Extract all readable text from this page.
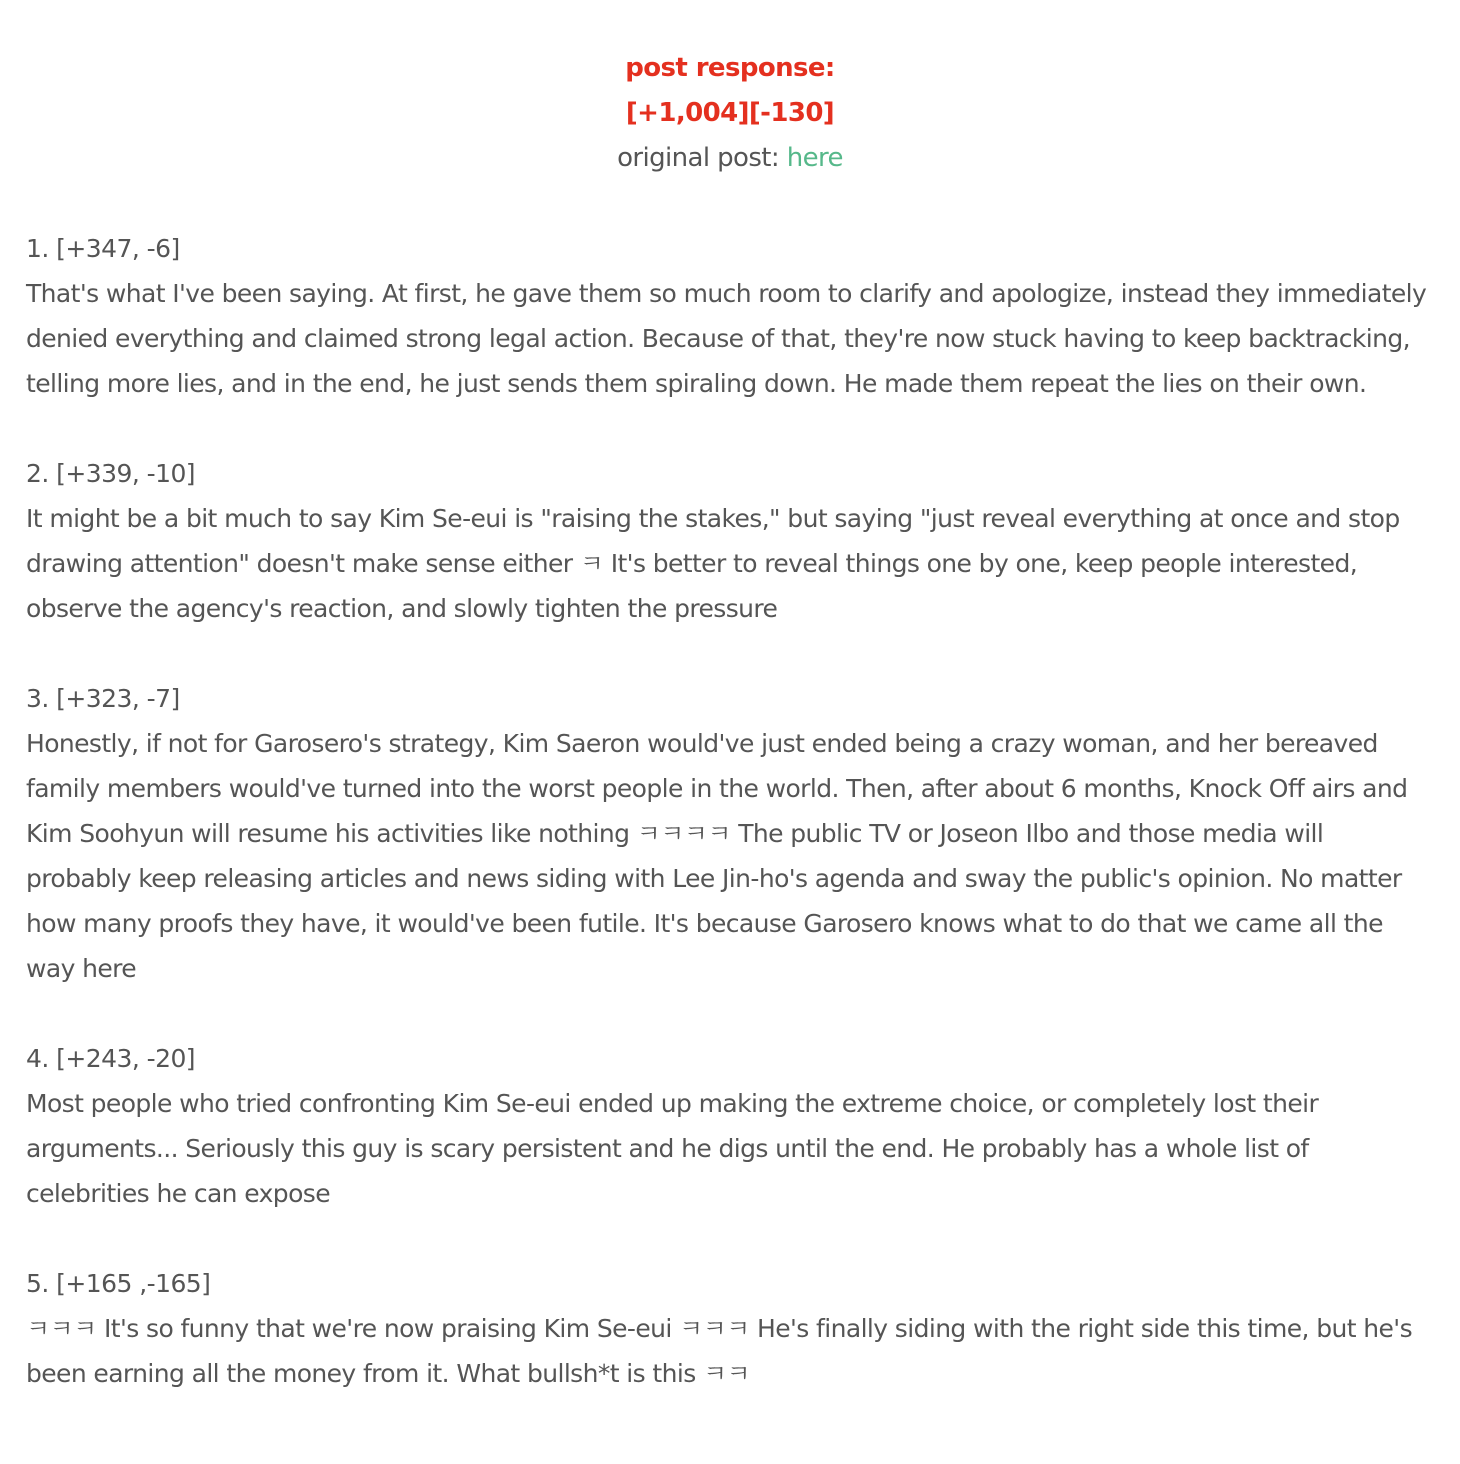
post response:
[+1,004][-130]
original post: here
1. [+347, -6]
That's what I've been saying. At first, he gave them so much room to clarify and apologize, instead they immediately denied everything and claimed strong legal action. Because of that, they're now stuck having to keep backtracking, telling more lies, and in the end, he just sends them spiraling down. He made them repeat the lies on their own.
2. [+339, -10]
It might be a bit much to say Kim Se-eui is "raising the stakes," but saying "just reveal everything at once and stop drawing attention" doesn't make sense either ㅋ It's better to reveal things one by one, keep people interested, observe the agency's reaction, and slowly tighten the pressure
3. [+323, -7]
Honestly, if not for Garosero's strategy, Kim Saeron would've just ended being a crazy woman, and her bereaved family members would've turned into the worst people in the world. Then, after about 6 months, Knock Off airs and Kim Soohyun will resume his activities like nothing ㅋㅋㅋㅋ The public TV or Joseon Ilbo and those media will probably keep releasing articles and news siding with Lee Jin-ho's agenda and sway the public's opinion. No matter how many proofs they have, it would've been futile. It's because Garosero knows what to do that we came all the way here
4. [+243, -20]
Most people who tried confronting Kim Se-eui ended up making the extreme choice, or completely lost their arguments... Seriously this guy is scary persistent and he digs until the end. He probably has a whole list of celebrities he can expose
5. [+165 ,-165]
ㅋㅋㅋ It's so funny that we're now praising Kim Se-eui ㅋㅋㅋ He's finally siding with the right side this time, but he's been earning all the money from it. What bullsh*t is this ㅋㅋ
